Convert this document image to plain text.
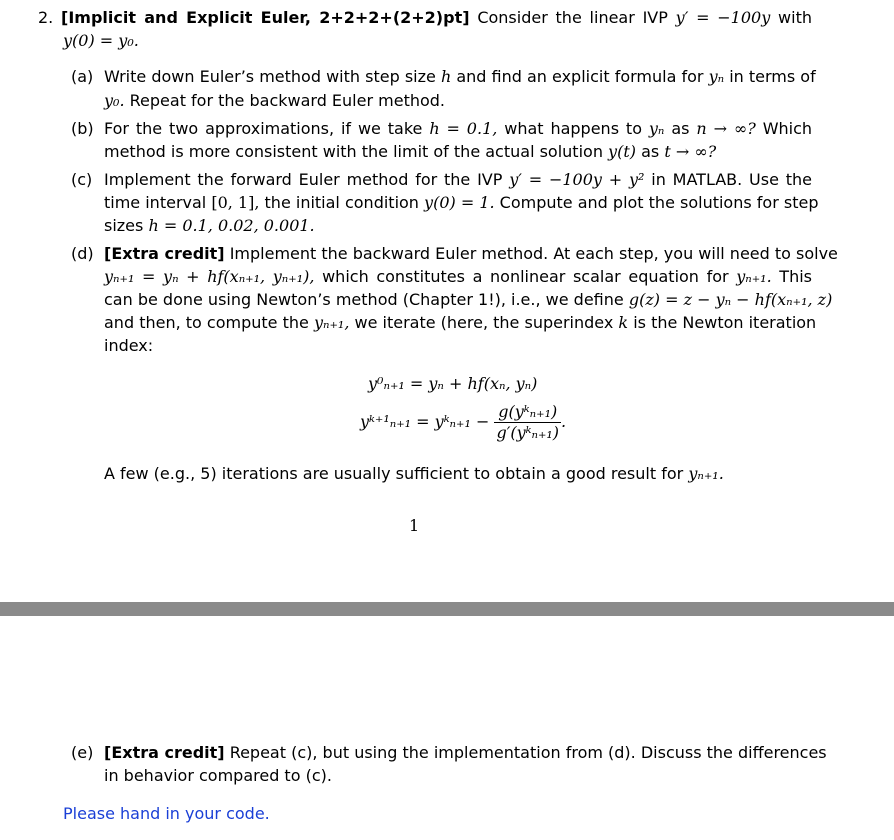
2. [Implicit and Explicit Euler, 2+2+2+(2+2)pt] Consider the linear IVP y′ = −100y with
y(0) = y₀.
(a) Write down Euler’s method with step size h and find an explicit formula for yₙ in terms of
y₀. Repeat for the backward Euler method.
(b) For the two approximations, if we take h = 0.1, what happens to yₙ as n → ∞? Which
method is more consistent with the limit of the actual solution y(t) as t → ∞?
(c) Implement the forward Euler method for the IVP y′ = −100y + y² in MATLAB. Use the
time interval [0, 1], the initial condition y(0) = 1. Compute and plot the solutions for step
sizes h = 0.1, 0.02, 0.001.
(d) [Extra credit] Implement the backward Euler method. At each step, you will need to solve
yₙ₊₁ = yₙ + hf(xₙ₊₁, yₙ₊₁), which constitutes a nonlinear scalar equation for yₙ₊₁. This
can be done using Newton’s method (Chapter 1!), i.e., we define g(z) = z − yₙ − hf(xₙ₊₁, z)
and then, to compute the yₙ₊₁, we iterate (here, the superindex k is the Newton iteration
index:
y⁰ₙ₊₁ = yₙ + hf(xₙ, yₙ)
yᵏ⁺¹ₙ₊₁ = yᵏₙ₊₁ − $\frac{\text{g(yᵏₙ₊₁)}}{\text{g′(yᵏₙ₊₁)}}$ .
A few (e.g., 5) iterations are usually sufficient to obtain a good result for yₙ₊₁.
1
(e) [Extra credit] Repeat (c), but using the implementation from (d). Discuss the differences
in behavior compared to (c).
Please hand in your code.
